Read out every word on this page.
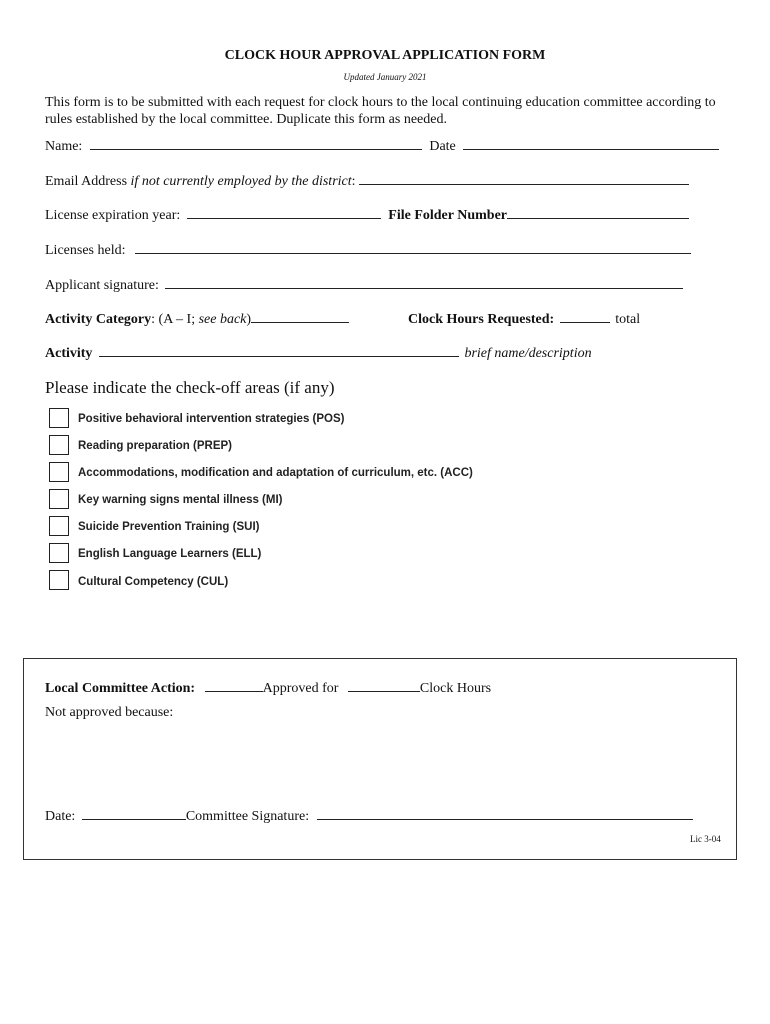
CLOCK HOUR APPROVAL APPLICATION FORM
Updated January 2021
This form is to be submitted with each request for clock hours to the local continuing education committee according to rules established by the local committee. Duplicate this form as needed.
Name:	Date
Email Address if not currently employed by the district:
License expiration year:	File Folder Number
Licenses held:
Applicant signature:
Activity Category: (A – I; see back)	Clock Hours Requested:	total
Activity	brief name/description
Please indicate the check-off areas (if any)
Positive behavioral intervention strategies (POS)
Reading preparation (PREP)
Accommodations, modification and adaptation of curriculum, etc. (ACC)
Key warning signs mental illness (MI)
Suicide Prevention Training (SUI)
English Language Learners (ELL)
Cultural Competency (CUL)
Local Committee Action:	Approved for	Clock Hours
Not approved because:
Date:	Committee Signature:
Lic 3-04
